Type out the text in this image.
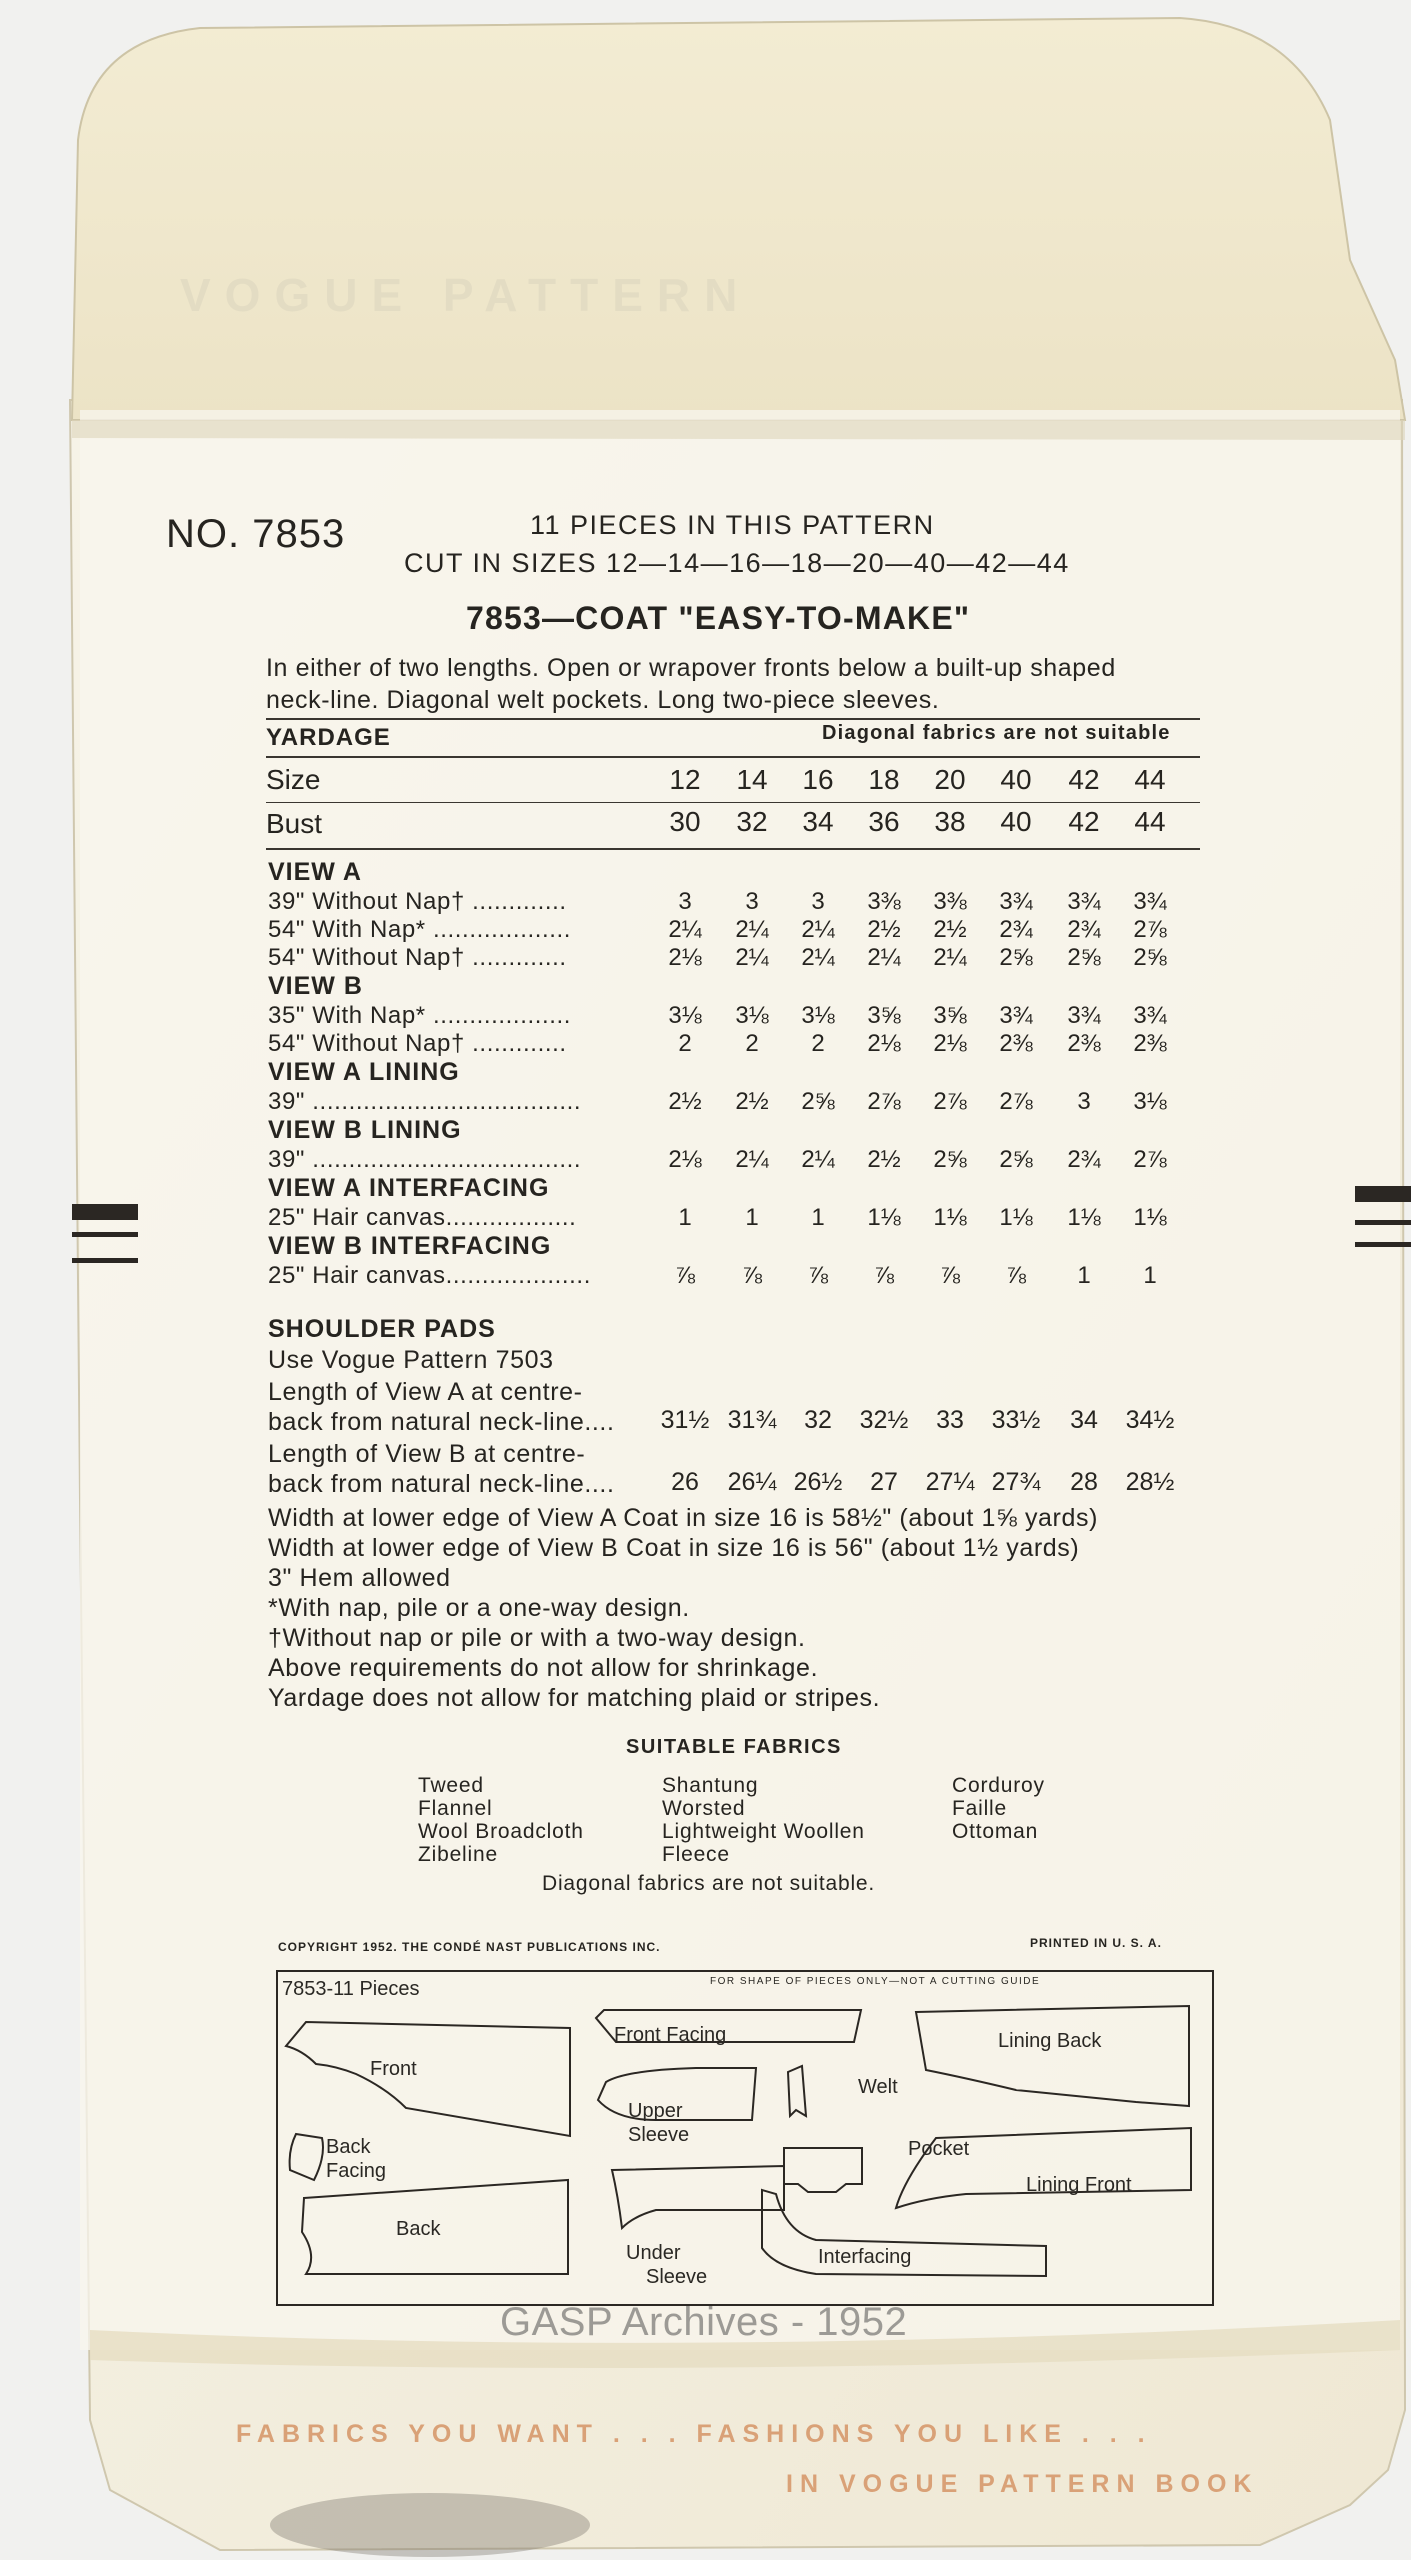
VOGUE PATTERN
NO. 7853	11 PIECES IN THIS PATTERN
CUT IN SIZES 12—14—16—18—20—40—42—44
7853—COAT "EASY-TO-MAKE"
In either of two lengths. Open or wrapover fronts below a built-up shaped
neck-line. Diagonal welt pockets. Long two-piece sleeves.
YARDAGE	Diagonal fabrics are not suitable
Size	12	14	16	18	20	40	42	44
Bust	30	32	34	36	38	40	42	44
VIEW A
39" Without Nap† .............	3	3	3	3⅜	3⅜	3¾	3¾	3¾
54" With Nap* ...................	2¼	2¼	2¼	2½	2½	2¾	2¾	2⅞
54" Without Nap† .............	2⅛	2¼	2¼	2¼	2¼	2⅝	2⅝	2⅝
VIEW B
35" With Nap* ...................	3⅛	3⅛	3⅛	3⅝	3⅝	3¾	3¾	3¾
54" Without Nap† .............	2	2	2	2⅛	2⅛	2⅜	2⅜	2⅜
VIEW A LINING
39" .....................................	2½	2½	2⅝	2⅞	2⅞	2⅞	3	3⅛
VIEW B LINING
39" .....................................	2⅛	2¼	2¼	2½	2⅝	2⅝	2¾	2⅞
VIEW A INTERFACING
25" Hair canvas..................	1	1	1	1⅛	1⅛	1⅛	1⅛	1⅛
VIEW B INTERFACING
25" Hair canvas....................	⅞	⅞	⅞	⅞	⅞	⅞	1	1
SHOULDER PADS
Use Vogue Pattern 7503
Length of View A at centre-
back from natural neck-line....	31½ 31¾	32	32½	33	33½	34	34½
Length of View B at centre-
back from natural neck-line....	26	26¼ 26½	27	27¼ 27¾	28	28½
Width at lower edge of View A Coat in size 16 is 58½" (about 1⅝ yards)
Width at lower edge of View B Coat in size 16 is 56" (about 1½ yards)
3" Hem allowed
*With nap, pile or a one-way design.
†Without nap or pile or with a two-way design.
Above requirements do not allow for shrinkage.
Yardage does not allow for matching plaid or stripes.
SUITABLE FABRICS
Tweed
Flannel
Wool Broadcloth
Zibeline
Shantung
Worsted
Lightweight Woollen
Fleece
Corduroy
Faille
Ottoman
Diagonal fabrics are not suitable.
COPYRIGHT 1952. THE CONDÉ NAST PUBLICATIONS INC.	PRINTED IN U. S. A.
7853-11 Pieces	FOR SHAPE OF PIECES ONLY—NOT A CUTTING GUIDE
Front
Back
Facing
Back
Front Facing
Upper
Sleeve
Under
Sleeve
Welt
Pocket
Interfacing
Lining Back
Lining Front
GASP Archives - 1952
FABRICS YOU WANT . . . FASHIONS YOU LIKE . . .
IN VOGUE PATTERN BOOK
